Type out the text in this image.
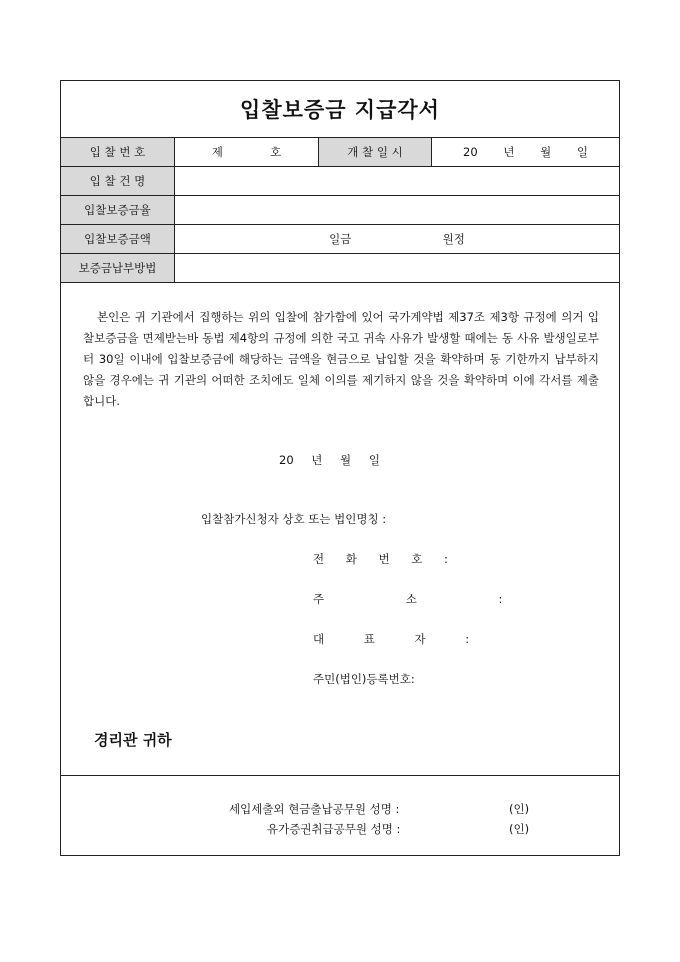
입찰보증금 지급각서
입 찰 번 호	제 호	개 찰 일 시	20 년 월 일
입 찰 건 명			
입찰보증금율			
입찰보증금액	일금 원정		
보증금납부방법			
본인은 귀 기관에서 집행하는 위의 입찰에 참가함에 있어 국가계약법 제37조 제3항 규정에 의거 입찰보증금을 면제받는바 동법 제4항의 규정에 의한 국고 귀속 사유가 발생할 때에는 동 사유 발생일로부터 30일 이내에 입찰보증금에 해당하는 금액을 현금으로 납입할 것을 확약하며 동 기한까지 납부하지 않을 경우에는 귀 기관의 어떠한 조치에도 일체 이의를 제기하지 않을 것을 확약하며 이에 각서를 제출합니다.
20 년 월 일
입찰참가신청자 상호 또는 법인명칭 :
전 화 번 호 :
주 소 :
대 표 자 :
주민(법인)등록번호:
경리관 귀하
세입세출외 현금출납공무원 성명 :	(인)
유가증권취급공무원 성명 :	(인)
